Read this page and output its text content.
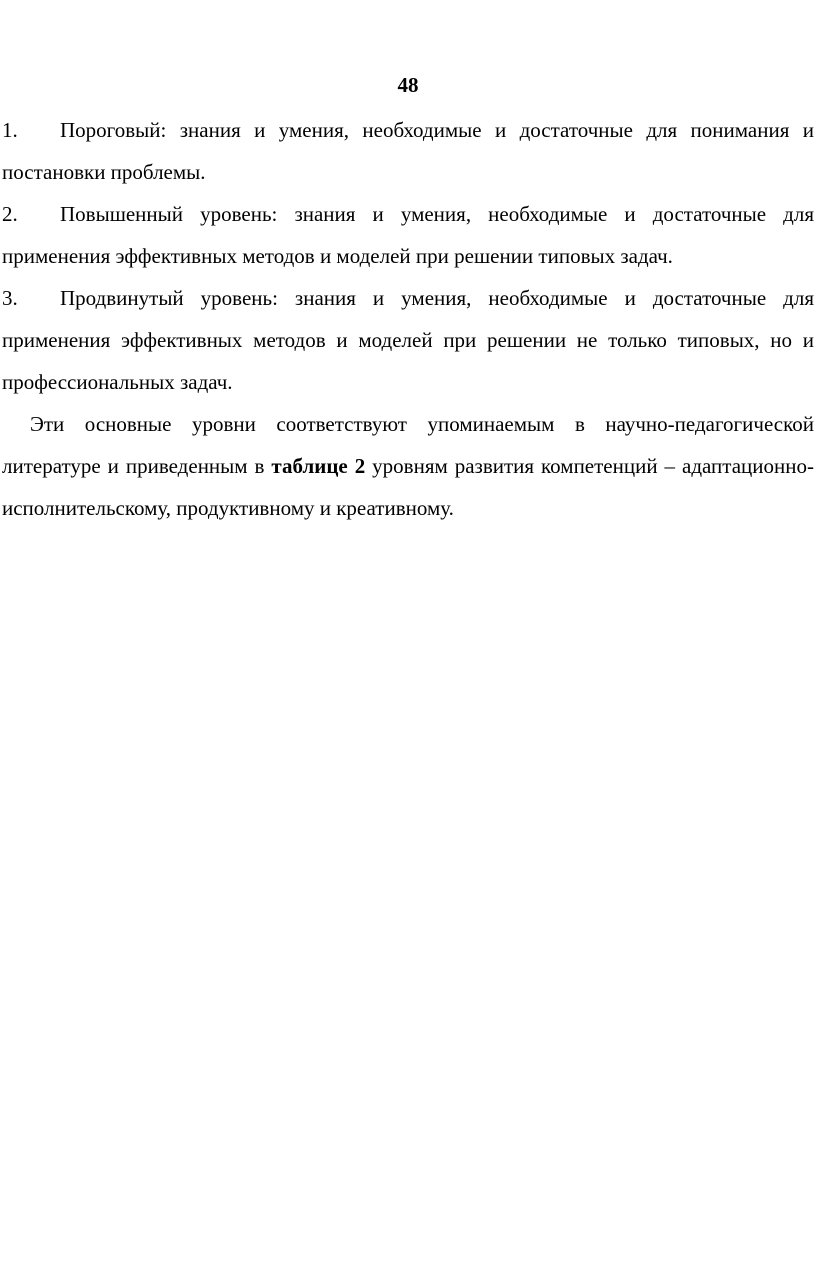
48

1. Пороговый: знания и умения, необходимые и достаточные для понимания и постановки проблемы.

2. Повышенный уровень: знания и умения, необходимые и достаточные для применения эффективных методов и моделей при решении типовых задач.

3. Продвинутый уровень: знания и умения, необходимые и достаточные для применения эффективных методов и моделей при решении не только типовых, но и профессиональных задач.

Эти основные уровни соответствуют упоминаемым в научно-педагогической литературе и приведенным в таблице 2 уровням развития компетенций – адаптационно-исполнительскому, продуктивному и креативному.
